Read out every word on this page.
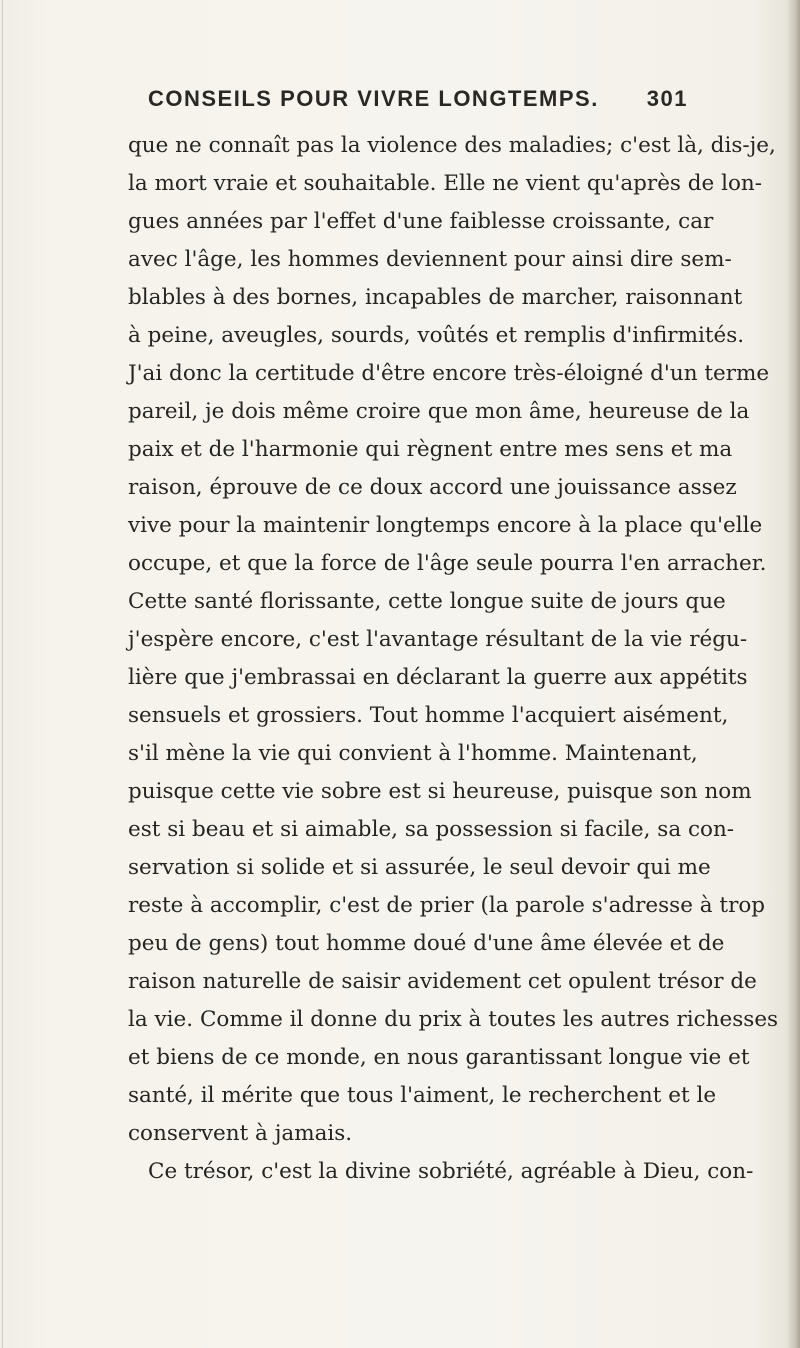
CONSEILS POUR VIVRE LONGTEMPS. 301
que ne connaît pas la violence des maladies; c'est là, dis-je,
la mort vraie et souhaitable. Elle ne vient qu'après de lon-
gues années par l'effet d'une faiblesse croissante, car
avec l'âge, les hommes deviennent pour ainsi dire sem-
blables à des bornes, incapables de marcher, raisonnant
à peine, aveugles, sourds, voûtés et remplis d'infirmités.
J'ai donc la certitude d'être encore très-éloigné d'un terme
pareil, je dois même croire que mon âme, heureuse de la
paix et de l'harmonie qui règnent entre mes sens et ma
raison, éprouve de ce doux accord une jouissance assez
vive pour la maintenir longtemps encore à la place qu'elle
occupe, et que la force de l'âge seule pourra l'en arracher.
Cette santé florissante, cette longue suite de jours que
j'espère encore, c'est l'avantage résultant de la vie régu-
lière que j'embrassai en déclarant la guerre aux appétits
sensuels et grossiers. Tout homme l'acquiert aisément,
s'il mène la vie qui convient à l'homme. Maintenant,
puisque cette vie sobre est si heureuse, puisque son nom
est si beau et si aimable, sa possession si facile, sa con-
servation si solide et si assurée, le seul devoir qui me
reste à accomplir, c'est de prier (la parole s'adresse à trop
peu de gens) tout homme doué d'une âme élevée et de
raison naturelle de saisir avidement cet opulent trésor de
la vie. Comme il donne du prix à toutes les autres richesses
et biens de ce monde, en nous garantissant longue vie et
santé, il mérite que tous l'aiment, le recherchent et le
conservent à jamais.
Ce trésor, c'est la divine sobriété, agréable à Dieu, con-
